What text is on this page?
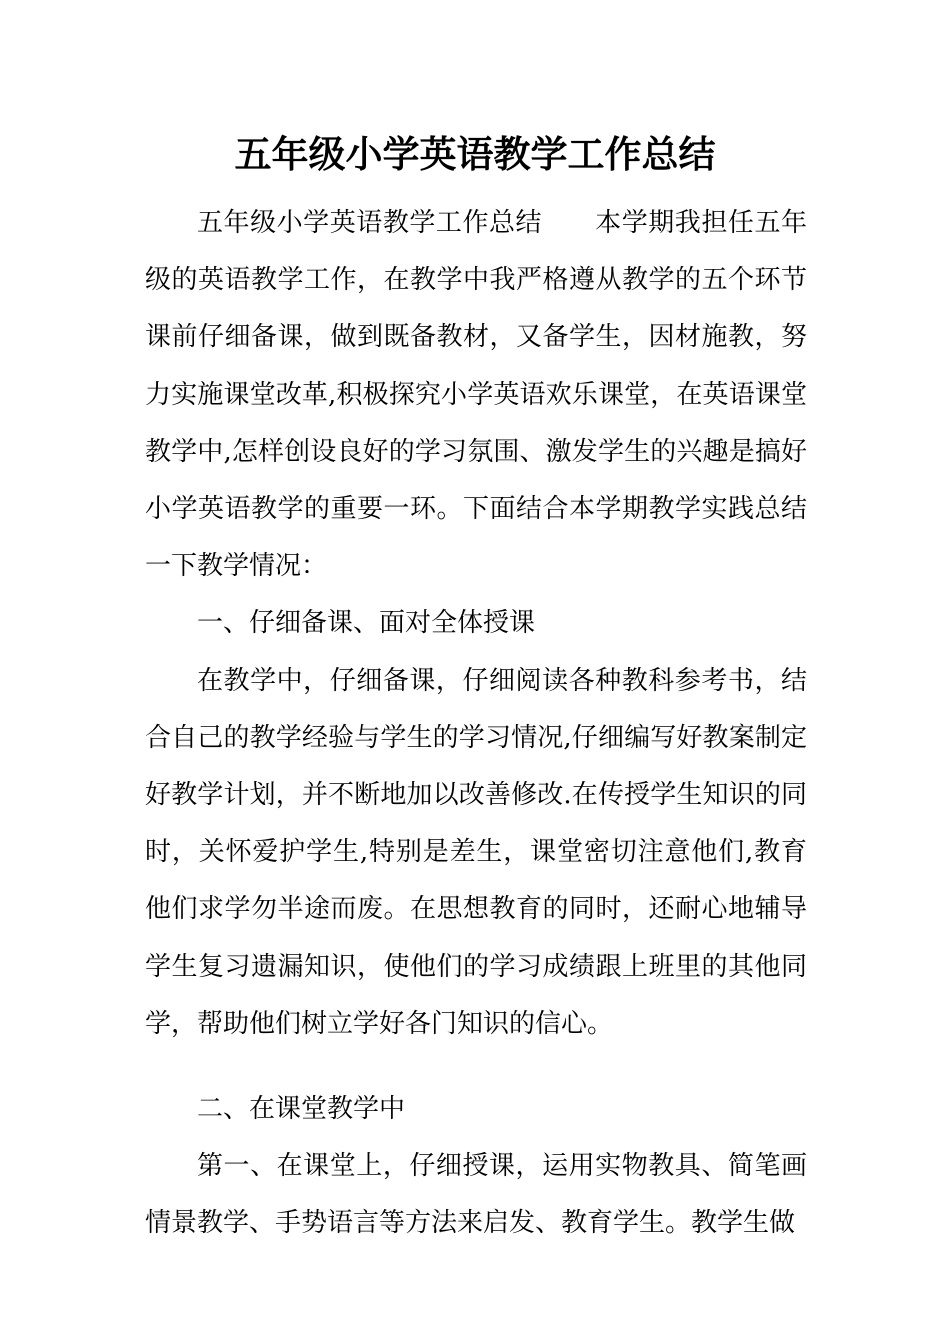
五年级小学英语教学工作总结

五年级小学英语教学工作总结　　本学期我担任五年级的英语教学工作，在教学中我严格遵从教学的五个环节课前仔细备课，做到既备教材，又备学生，因材施教，努力实施课堂改革,积极探究小学英语欢乐课堂，在英语课堂教学中,怎样创设良好的学习氛围、激发学生的兴趣是搞好小学英语教学的重要一环。下面结合本学期教学实践总结一下教学情况：

一、仔细备课、面对全体授课

在教学中，仔细备课，仔细阅读各种教科参考书，结合自己的教学经验与学生的学习情况,仔细编写好教案制定好教学计划，并不断地加以改善修改.在传授学生知识的同时，关怀爱护学生,特别是差生，课堂密切注意他们,教育他们求学勿半途而废。在思想教育的同时，还耐心地辅导学生复习遗漏知识，使他们的学习成绩跟上班里的其他同学，帮助他们树立学好各门知识的信心。

二、在课堂教学中

第一、在课堂上，仔细授课，运用实物教具、简笔画情景教学、手势语言等方法来启发、教育学生。教学生做
